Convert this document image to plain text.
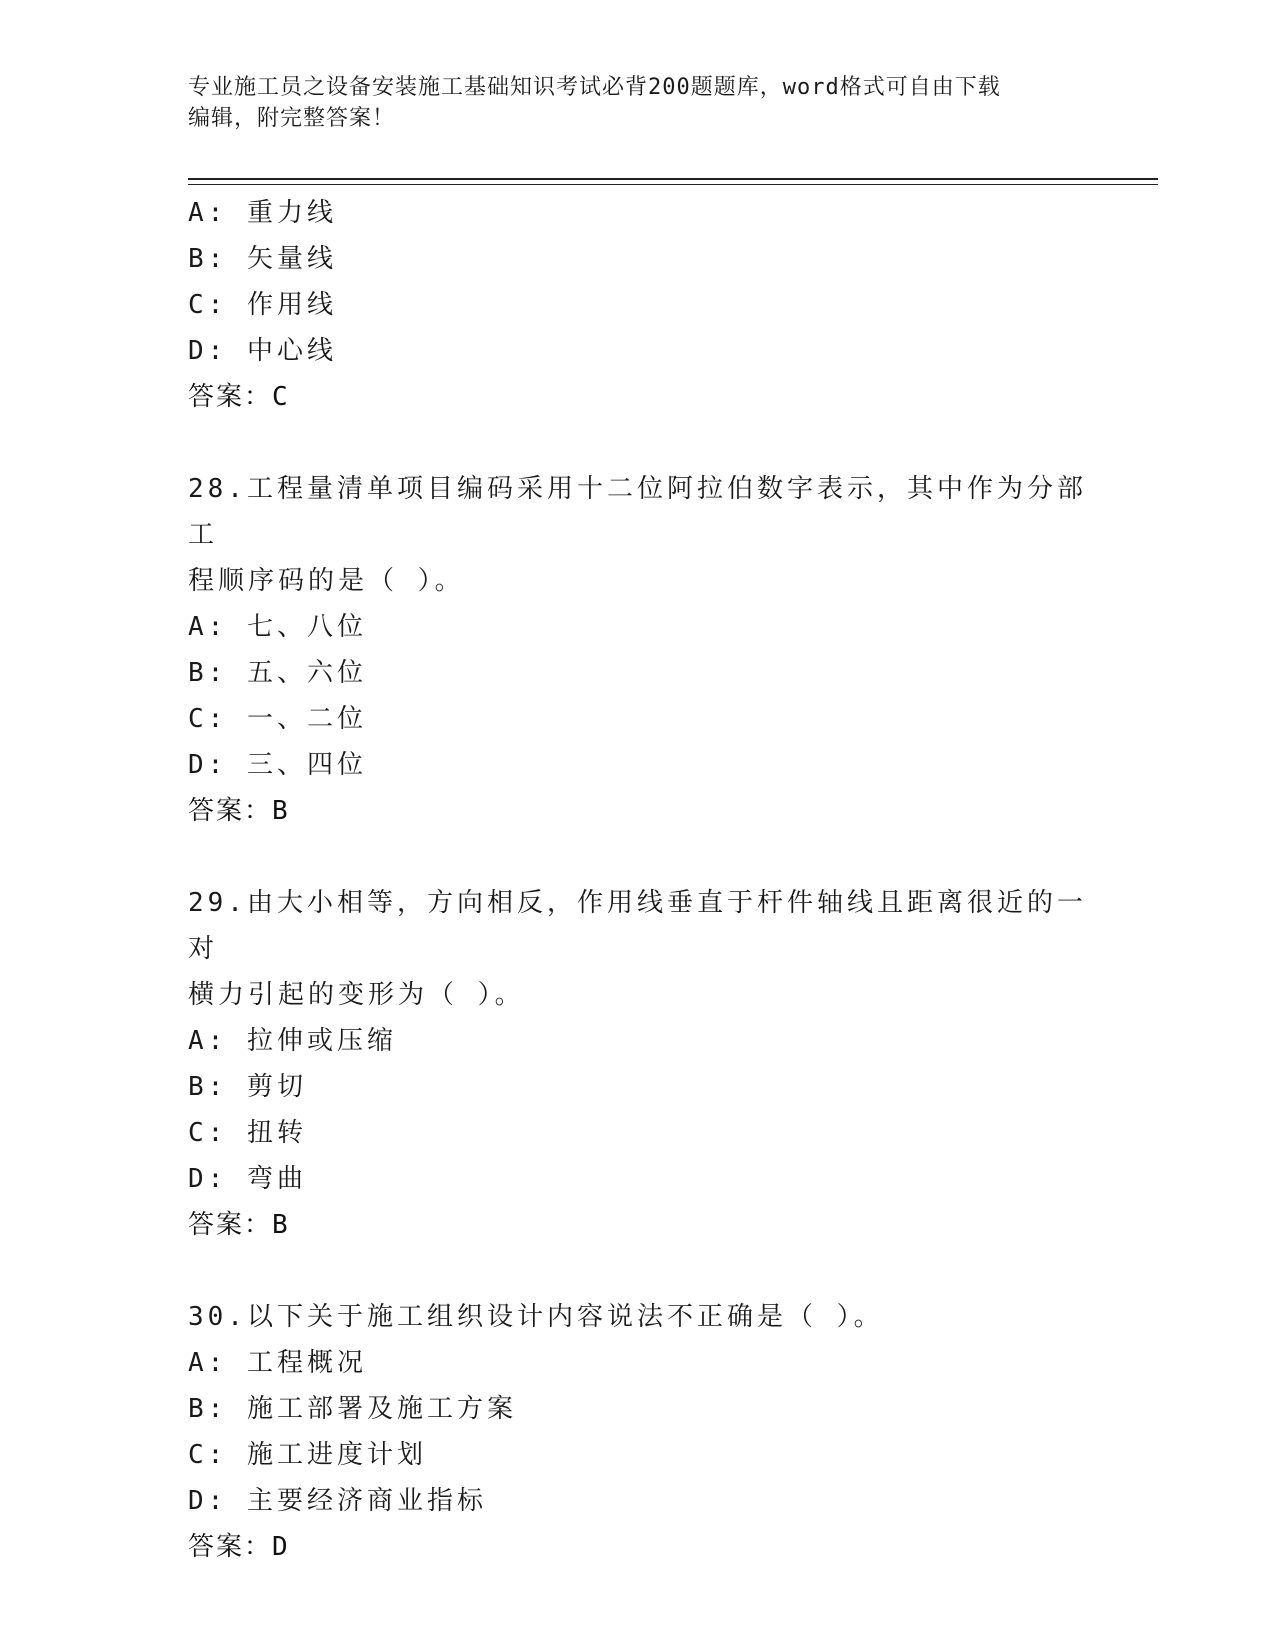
专业施工员之设备安装施工基础知识考试必背200题题库，word格式可自由下载
编辑，附完整答案！
A: 重力线
B: 矢量线
C: 作用线
D: 中心线
答案：C
28.工程量清单项目编码采用十二位阿拉伯数字表示，其中作为分部工
程顺序码的是（ ）。
A: 七、八位
B: 五、六位
C: 一、二位
D: 三、四位
答案：B
29.由大小相等，方向相反，作用线垂直于杆件轴线且距离很近的一对
横力引起的变形为（ ）。
A: 拉伸或压缩
B: 剪切
C: 扭转
D: 弯曲
答案：B
30.以下关于施工组织设计内容说法不正确是（ ）。
A: 工程概况
B: 施工部署及施工方案
C: 施工进度计划
D: 主要经济商业指标
答案：D
